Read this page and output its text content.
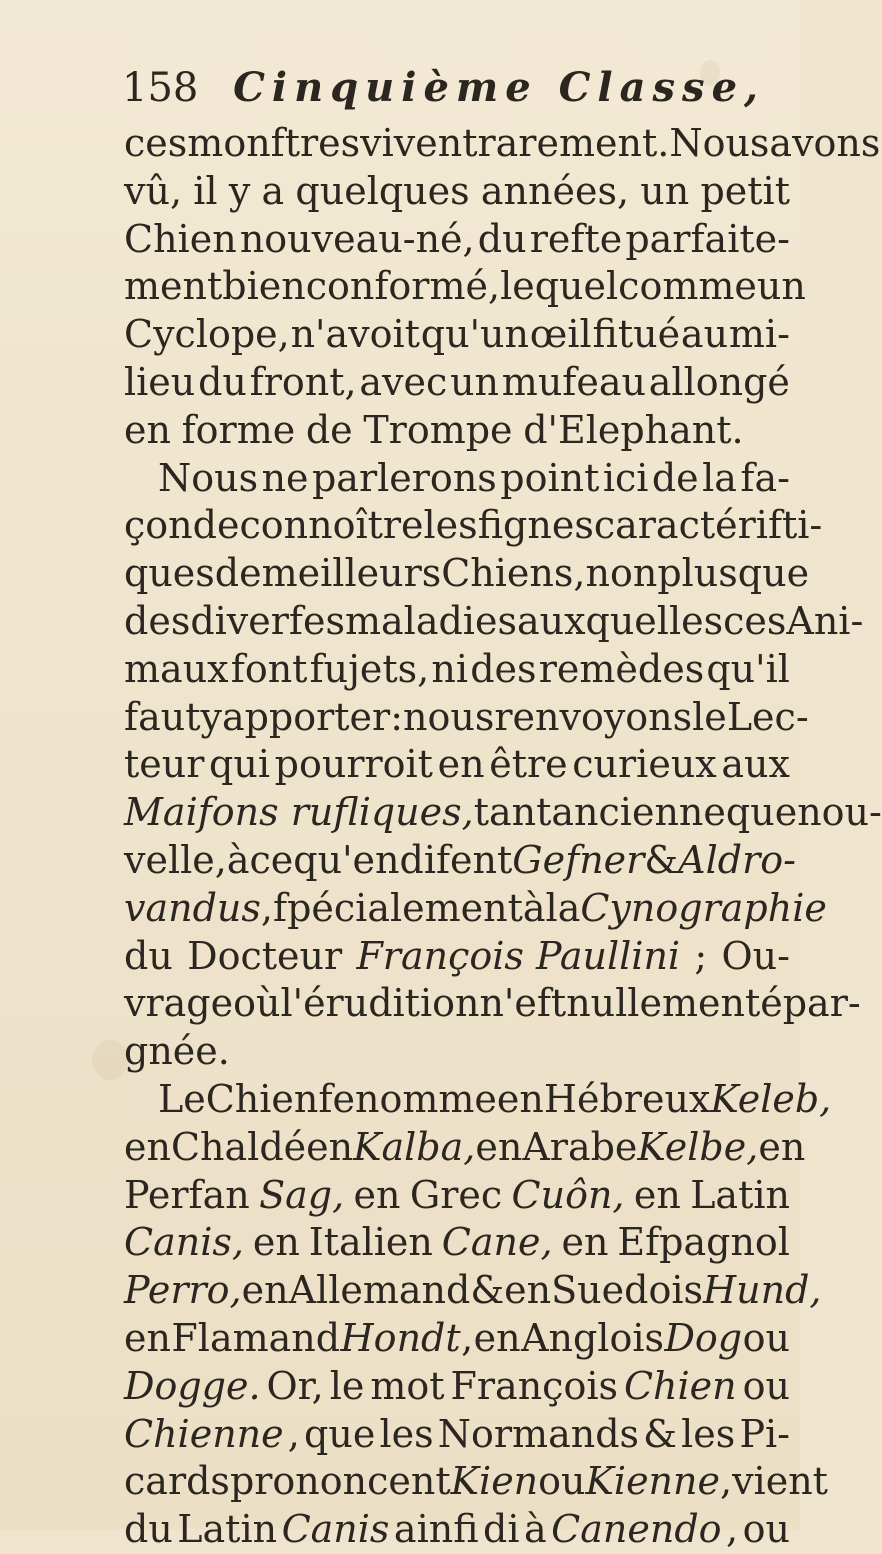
158 Cinquième Classe,
ces monftres vivent rarement. Nous avons
vû, il y a quelques années, un petit
Chien nouveau-né, du refte parfaite-
ment bien conformé, lequel comme un
Cyclope, n'avoit qu'un œil fitué au mi-
lieu du front, avec un mufeau allongé
en forme de Trompe d'Elephant.
Nous ne parlerons point ici de la fa-
çon de connoître les fignes caractérifti-
ques de meilleurs Chiens, non plus que
des diverfes maladies auxquelles ces Ani-
maux font fujets, ni des remèdes qu'il
faut y apporter : nous renvoyons le Lec-
teur qui pourroit en être curieux aux
Maifons rufliques, tant ancienne que nou-
velle, à ce qu'en difent Gefner & Aldro-
vandus , fpécialement à la Cynographie
du Docteur François Paullini ; Ou-
vrage où l'érudition n'eft nullement épar-
gnée.
Le Chien fe nomme en Hébreux Keleb,
en Chaldéen Kalba, en Arabe Kelbe, en
Perfan Sag, en Grec Cuôn, en Latin
Canis, en Italien Cane, en Efpagnol
Perro, en Allemand & en Suedois Hund,
en Flamand Hondt , en Anglois Dog ou
Dogge. Or, le mot François Chien ou
Chienne , que les Normands & les Pi-
cards prononcent Kien ou Kienne , vient
du Latin Canis ainfi di à Canendo , ou
